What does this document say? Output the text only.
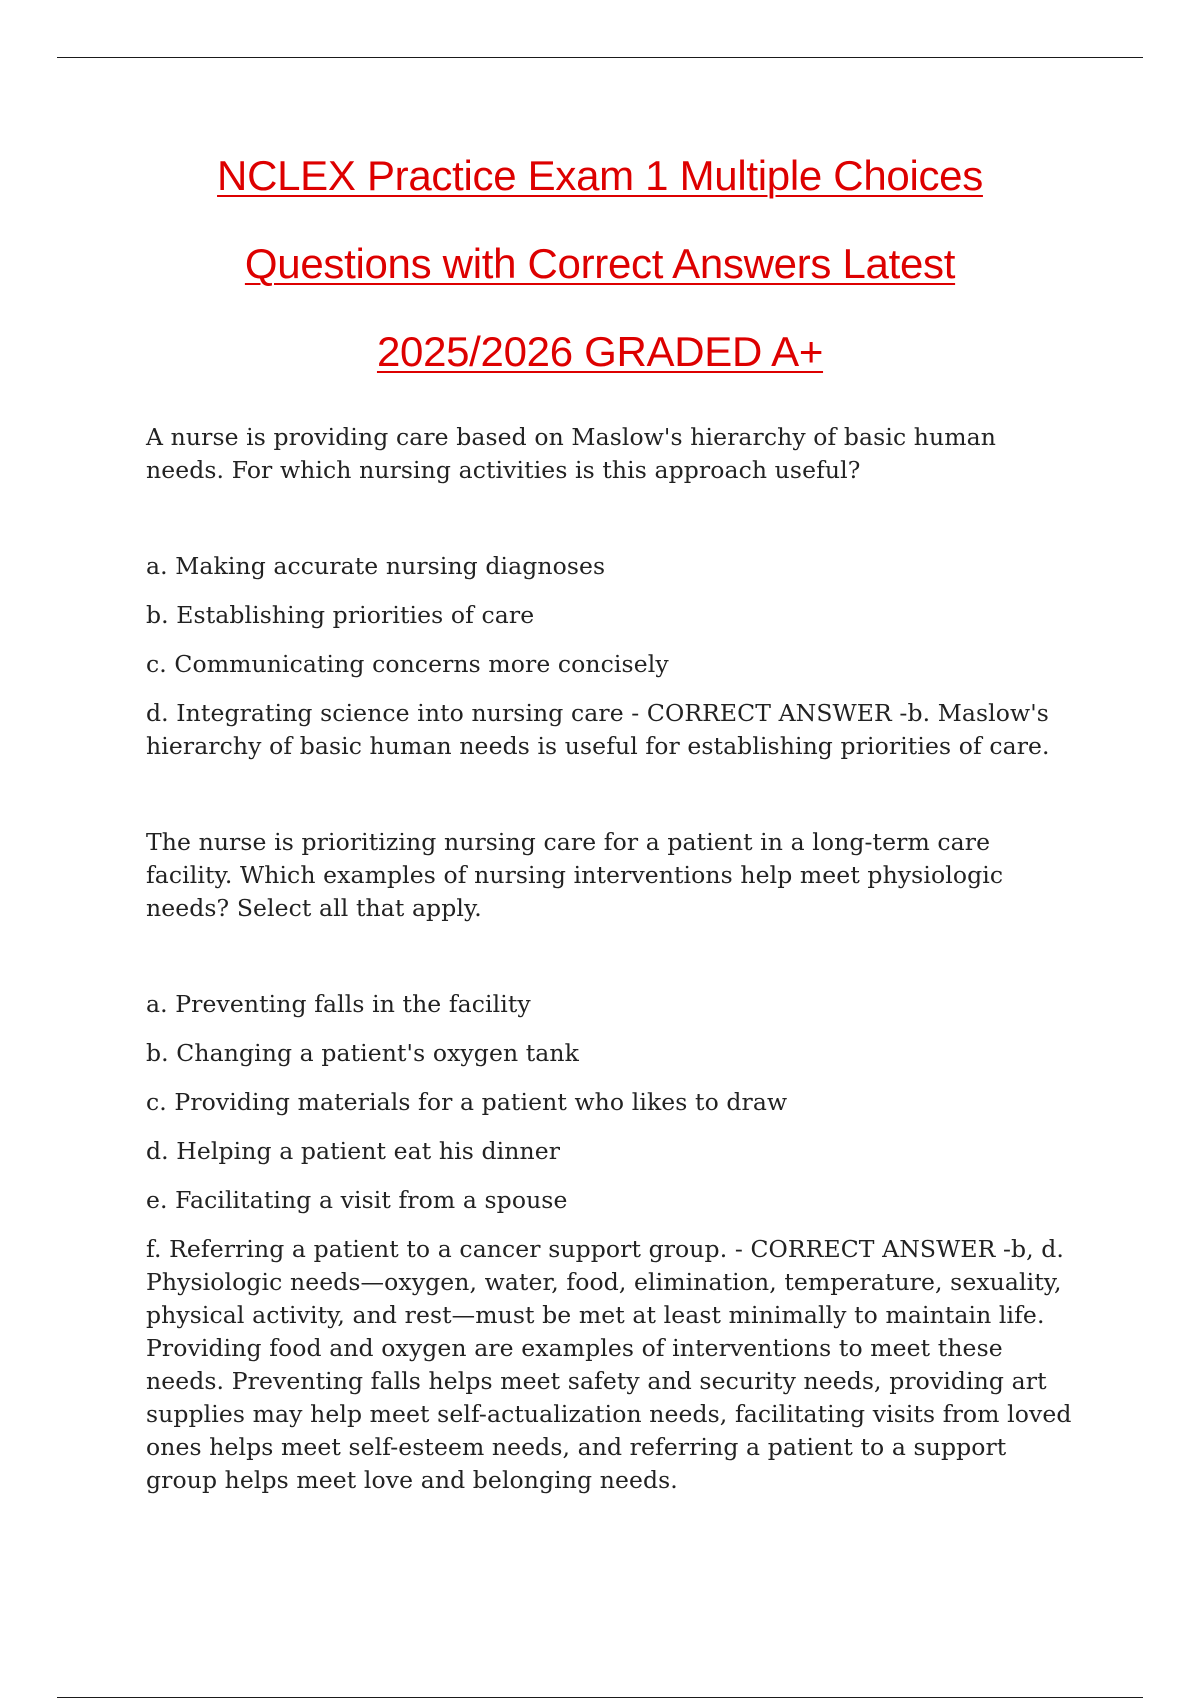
NCLEX Practice Exam 1 Multiple Choices
Questions with Correct Answers Latest
2025/2026 GRADED A+

A nurse is providing care based on Maslow's hierarchy of basic human needs. For which nursing activities is this approach useful?

a. Making accurate nursing diagnoses

b. Establishing priorities of care

c. Communicating concerns more concisely

d. Integrating science into nursing care - CORRECT ANSWER -b. Maslow's hierarchy of basic human needs is useful for establishing priorities of care.

The nurse is prioritizing nursing care for a patient in a long-term care facility. Which examples of nursing interventions help meet physiologic needs? Select all that apply.

a. Preventing falls in the facility

b. Changing a patient's oxygen tank

c. Providing materials for a patient who likes to draw

d. Helping a patient eat his dinner

e. Facilitating a visit from a spouse

f. Referring a patient to a cancer support group. - CORRECT ANSWER -b, d. Physiologic needs—oxygen, water, food, elimination, temperature, sexuality, physical activity, and rest—must be met at least minimally to maintain life. Providing food and oxygen are examples of interventions to meet these needs. Preventing falls helps meet safety and security needs, providing art supplies may help meet self-actualization needs, facilitating visits from loved ones helps meet self-esteem needs, and referring a patient to a support group helps meet love and belonging needs.
